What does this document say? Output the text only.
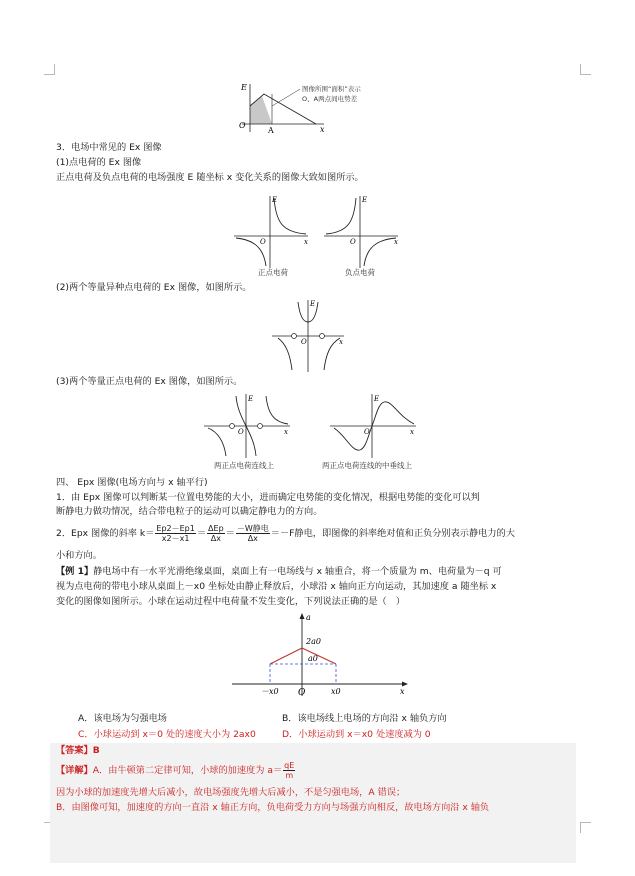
E
O
A	x
图像所围“面积”表示
O、A两点间电势差
3．电场中常见的 Ex 图像
(1)点电荷的 Ex 图像
正点电荷及负点电荷的电场强度 E 随坐标 x 变化关系的图像大致如图所示。
E
O	x
正点电荷
E
O	x
负点电荷
(2)两个等量异种点电荷的 Ex 图像，如图所示。
E
O	x
(3)两个等量正点电荷的 Ex 图像，如图所示。
E
O	x
两正点电荷连线上
E
O	x
两正点电荷连线的中垂线上
四、 Epx 图像(电场方向与 x 轴平行)
1．由 Epx 图像可以判断某一位置电势能的大小，进而确定电势能的变化情况，根据电势能的变化可以判
断静电力做功情况，结合带电粒子的运动可以确定静电力的方向。
2．Epx 图像的斜率 $k= \frac{Ep2-Ep1}{x2-x1} = \frac{\text{ΔEp}}{\Delta x} = \frac{\text{－W静电}}{\Delta x} =-F$静电，即图像的斜率绝对值和正负分别表示静电力的大
小和方向。
【例 1】静电场中有一水平光滑绝缘桌面，桌面上有一电场线与 x 轴重合，将一个质量为 m、电荷量为－q 可
视为点电荷的带电小球从桌面上－x0 坐标处由静止释放后，小球沿 x 轴向正方向运动，其加速度 a 随坐标 x
变化的图像如图所示。小球在运动过程中电荷量不发生变化，下列说法正确的是（　）
a
x
2a0
a0
－x0 O	x0
A．该电场为匀强电场	B．该电场线上电场的方向沿 x 轴负方向
C．小球运动到 x＝0 处的速度大小为 2ax0	D．小球运动到 x＝x0 处速度减为 0
【答案】B
【详解】A．由牛顿第二定律可知，小球的加速度为 $a= \frac{qE}{m}$
因为小球的加速度先增大后减小，故电场强度先增大后减小，不是匀强电场，A 错误；
B．由图像可知，加速度的方向一直沿 x 轴正方向，负电荷受力方向与场强方向相反，故电场方向沿 x 轴负
